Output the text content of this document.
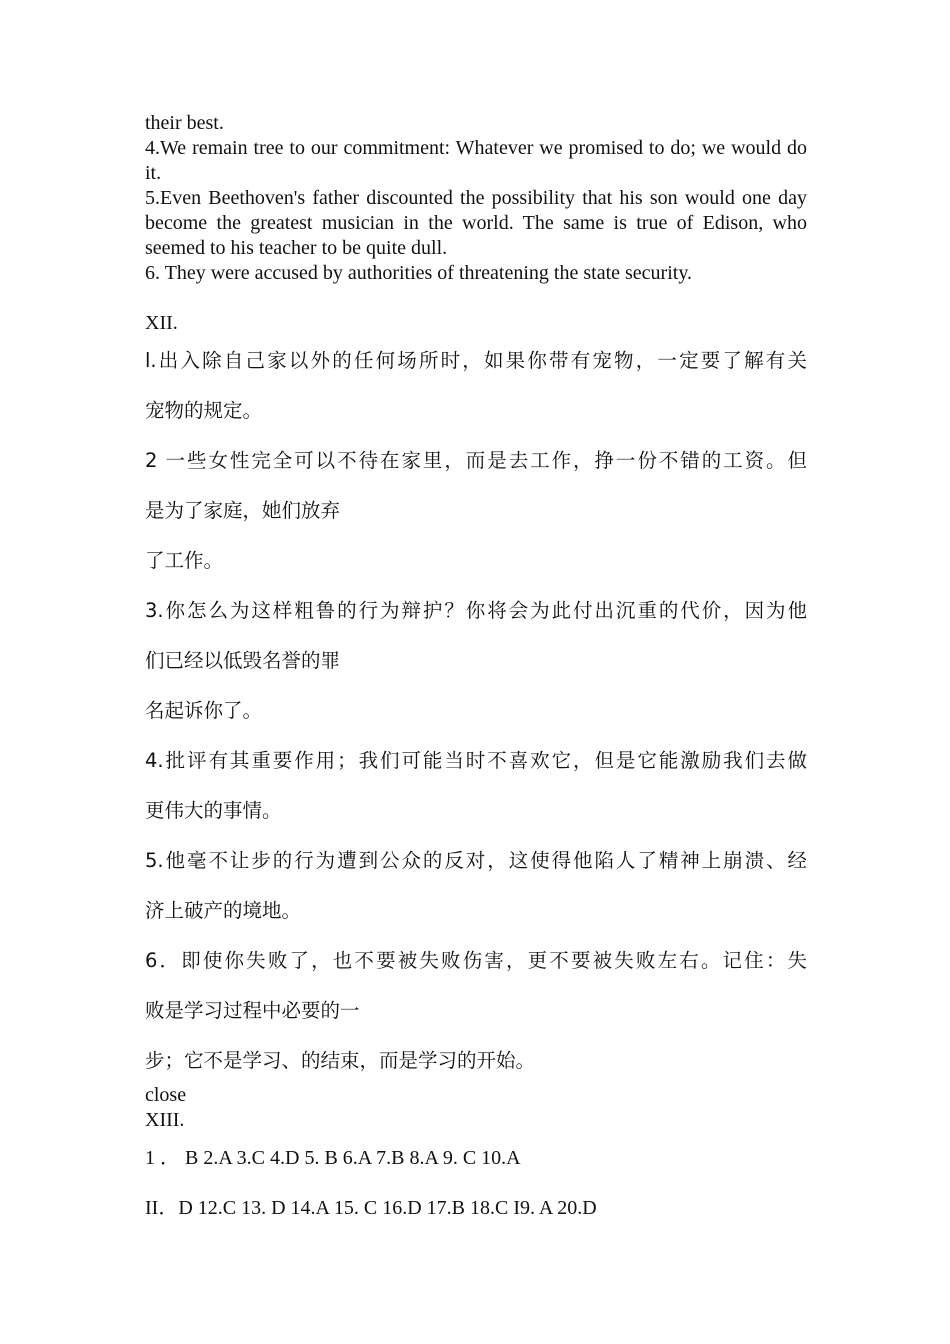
their best.

4.We remain tree to our commitment: Whatever we promised to do; we would do it.

5.Even Beethoven's father discounted the possibility that his son would one day become the greatest musician in the world. The same is true of Edison, who seemed to his teacher to be quite dull.

6. They were accused by authorities of threatening the state security.

XII.

l.出入除自己家以外的任何场所时，如果你带有宠物，一定要了解有关

宠物的规定。

2 一些女性完全可以不待在家里，而是去工作，挣一份不错的工资。但

是为了家庭，她们放弃

了工作。

3.你怎么为这样粗鲁的行为辩护？你将会为此付出沉重的代价，因为他

们已经以低毁名誉的罪

名起诉你了。

4.批评有其重要作用；我们可能当时不喜欢它，但是它能激励我们去做

更伟大的事情。

5.他毫不让步的行为遭到公众的反对，这使得他陷人了精神上崩溃、经

济上破产的境地。

6．即使你失败了，也不要被失败伤害，更不要被失败左右。记住：失

败是学习过程中必要的一

步；它不是学习、的结束，而是学习的开始。

close

XIII.

1 ． B 2.A 3.C 4.D 5. B 6.A 7.B 8.A 9. C 10.A

II．D 12.C 13. D 14.A 15. C 16.D 17.B 18.C I9. A 20.D
